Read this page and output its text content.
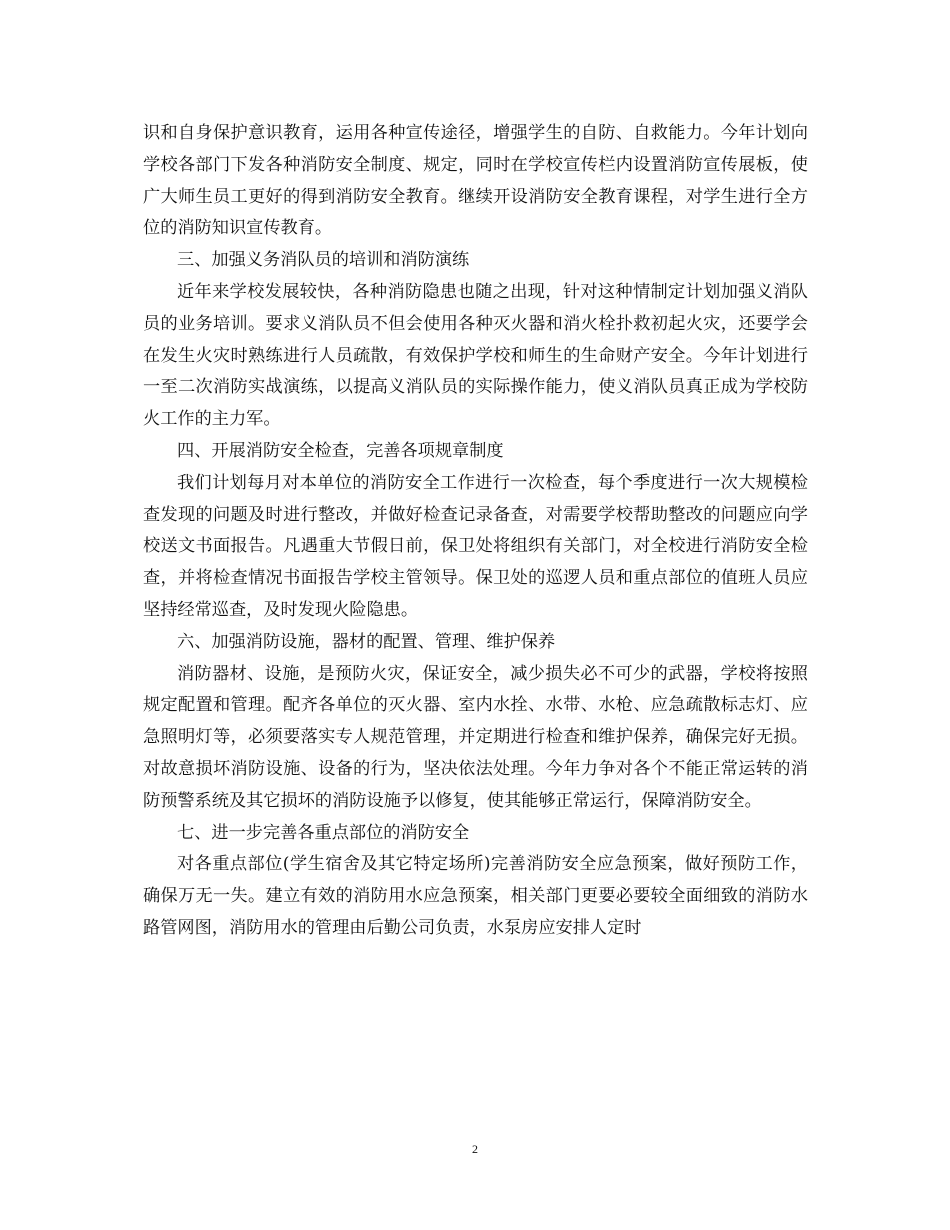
识和自身保护意识教育，运用各种宣传途径，增强学生的自防、自救能力。今年计划向学校各部门下发各种消防安全制度、规定，同时在学校宣传栏内设置消防宣传展板，使广大师生员工更好的得到消防安全教育。继续开设消防安全教育课程，对学生进行全方位的消防知识宣传教育。

三、加强义务消队员的培训和消防演练

近年来学校发展较快，各种消防隐患也随之出现，针对这种情制定计划加强义消队员的业务培训。要求义消队员不但会使用各种灭火器和消火栓扑救初起火灾，还要学会在发生火灾时熟练进行人员疏散，有效保护学校和师生的生命财产安全。今年计划进行一至二次消防实战演练，以提高义消队员的实际操作能力，使义消队员真正成为学校防火工作的主力军。

四、开展消防安全检查，完善各项规章制度

我们计划每月对本单位的消防安全工作进行一次检查，每个季度进行一次大规模检查发现的问题及时进行整改，并做好检查记录备查，对需要学校帮助整改的问题应向学校送文书面报告。凡遇重大节假日前，保卫处将组织有关部门，对全校进行消防安全检查，并将检查情况书面报告学校主管领导。保卫处的巡逻人员和重点部位的值班人员应坚持经常巡查，及时发现火险隐患。

六、加强消防设施，器材的配置、管理、维护保养

消防器材、设施，是预防火灾，保证安全，减少损失必不可少的武器，学校将按照规定配置和管理。配齐各单位的灭火器、室内水拴、水带、水枪、应急疏散标志灯、应急照明灯等，必须要落实专人规范管理，并定期进行检查和维护保养，确保完好无损。对故意损坏消防设施、设备的行为，坚决依法处理。今年力争对各个不能正常运转的消防预警系统及其它损坏的消防设施予以修复，使其能够正常运行，保障消防安全。

七、进一步完善各重点部位的消防安全

对各重点部位(学生宿舍及其它特定场所)完善消防安全应急预案，做好预防工作，确保万无一失。建立有效的消防用水应急预案，相关部门更要必要较全面细致的消防水路管网图，消防用水的管理由后勤公司负责，水泵房应安排人定时

2
